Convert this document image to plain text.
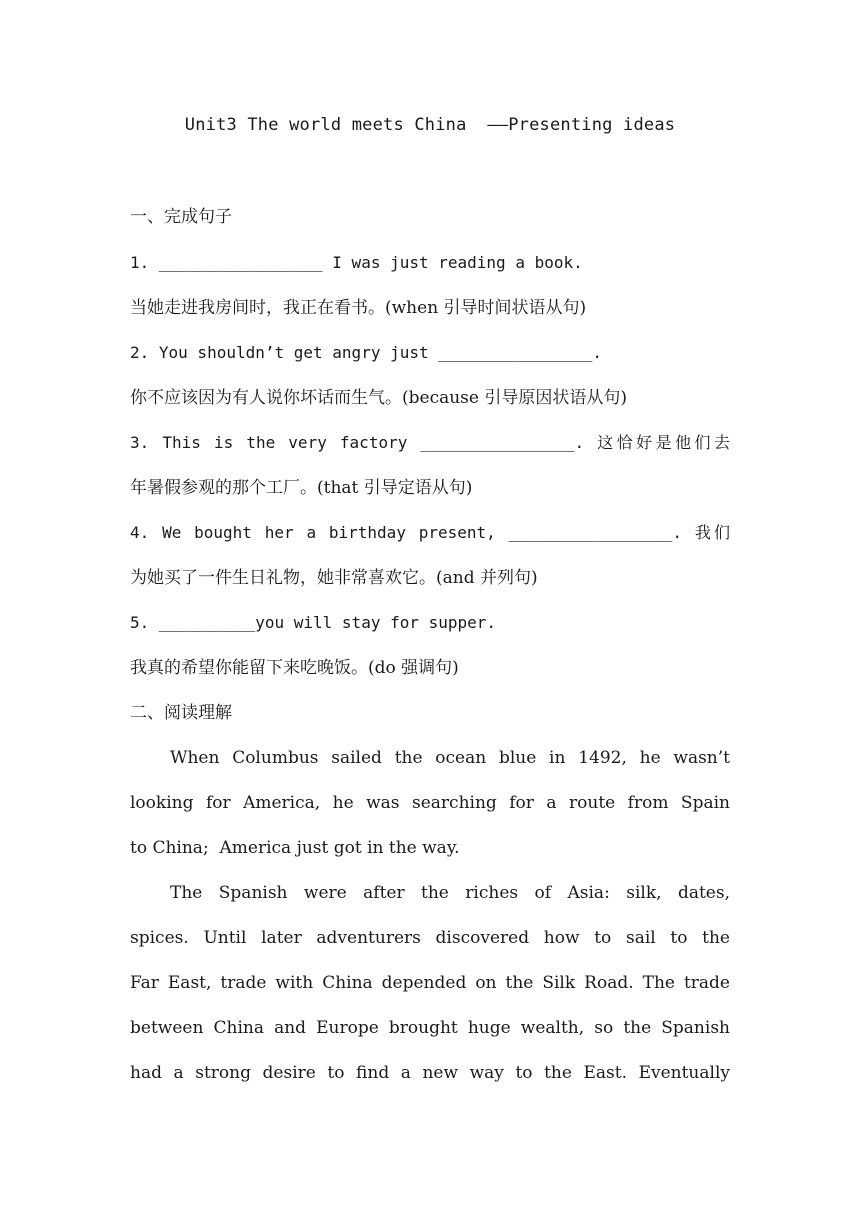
Unit3 The world meets China  ——Presenting ideas
一、完成句子
1. _________________ I was just reading a book.
当她走进我房间时，我正在看书。(when 引导时间状语从句)
2. You shouldn’t get angry just ________________.
你不应该因为有人说你坏话而生气。(because 引导原因状语从句)
3. This is the very factory ________________. 这恰好是他们去
年暑假参观的那个工厂。(that 引导定语从句)
4. We bought her a birthday present, _________________. 我们
为她买了一件生日礼物，她非常喜欢它。(and 并列句)
5. __________you will stay for supper.
我真的希望你能留下来吃晚饭。(do 强调句)
二、阅读理解
When Columbus sailed the ocean blue in 1492, he wasn’t
looking for America, he was searching for a route from Spain
to China;  America just got in the way.
The Spanish were after the riches of Asia: silk, dates,
spices. Until later adventurers discovered how to sail to the
Far East, trade with China depended on the Silk Road. The trade
between China and Europe brought huge wealth, so the Spanish
had a strong desire to find a new way to the East. Eventually
